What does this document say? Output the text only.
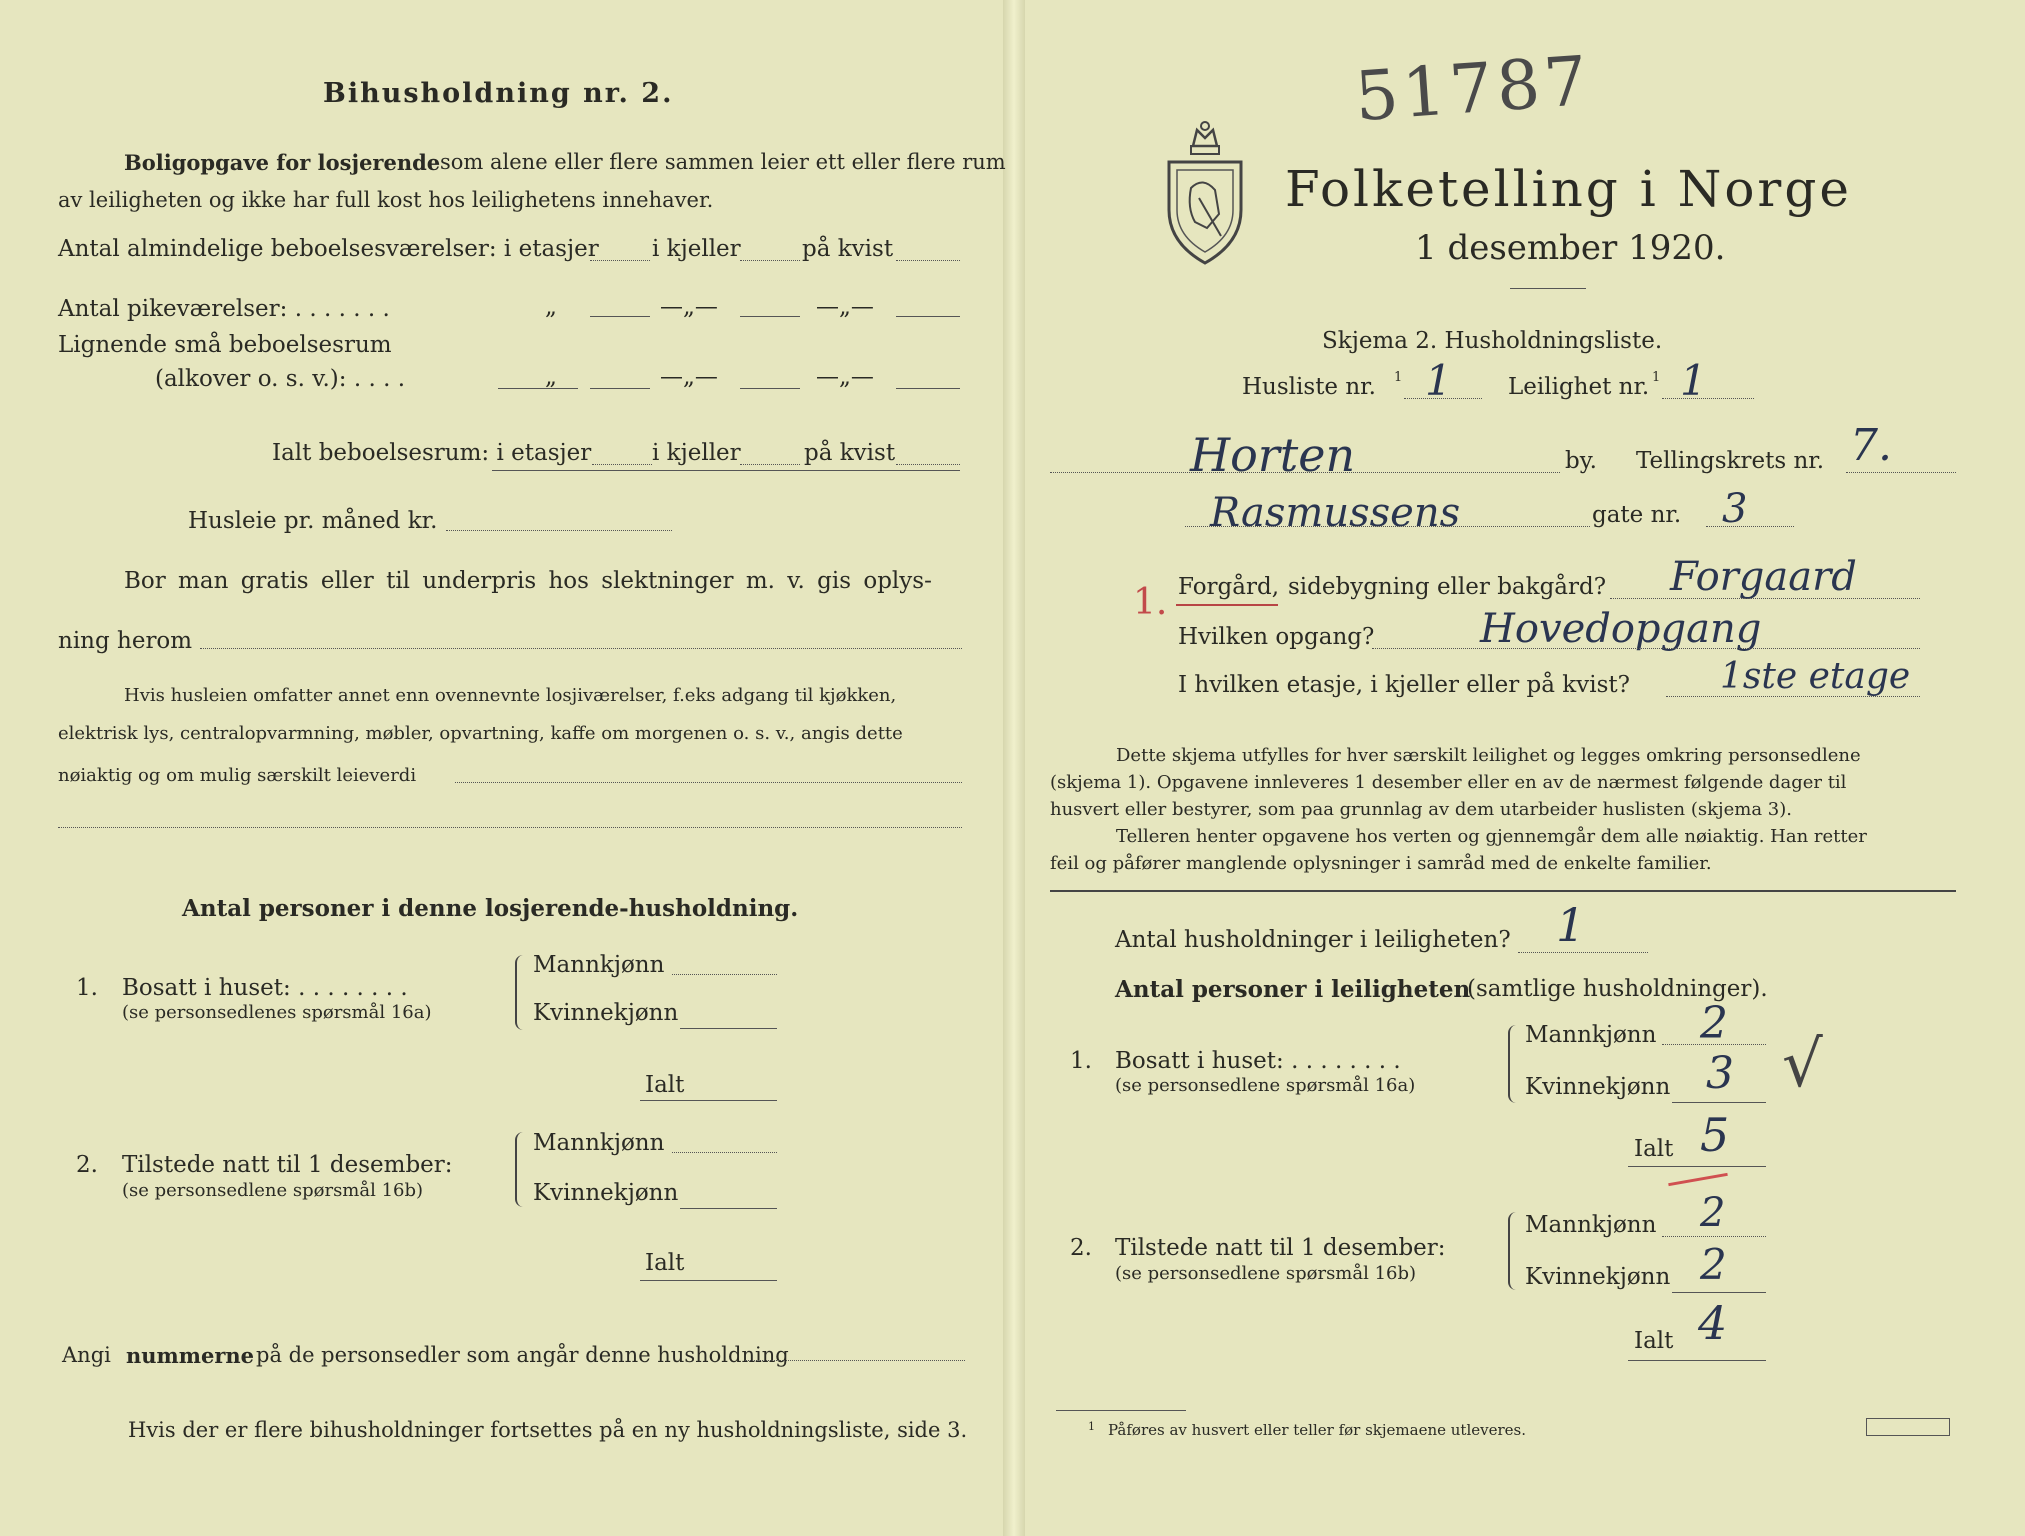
Bihusholdning nr. 2.
Boligopgave for losjerende som alene eller flere sammen leier ett eller flere rum
av leiligheten og ikke har full kost hos leilighetens innehaver.
Antal almindelige beboelsesværelser: i etasjer i kjeller	på kvist
Antal pikeværelser: . . . . . . .	„	—„—	—„—
Lignende små beboelsesrum
(alkover o. s. v.): . . . .	„	—„—	—„—
Ialt beboelsesrum: i etasjer	i kjeller	på kvist
Husleie pr. måned kr.
Bor man gratis eller til underpris hos slektninger m. v. gis oplys-
ning herom
Hvis husleien omfatter annet enn ovennevnte losjiværelser, f.eks adgang til kjøkken,
elektrisk lys, centralopvarmning, møbler, opvartning, kaffe om morgenen o. s. v., angis dette
nøiaktig og om mulig særskilt leieverdi
Antal personer i denne losjerende-husholdning.
1. Bosatt i huset: . . . . . . . .
(se personsedlenes spørsmål 16a)
Mannkjønn
Kvinnekjønn
Ialt
2. Tilstede natt til 1 desember:
(se personsedlene spørsmål 16b)
Mannkjønn
Kvinnekjønn
Ialt
Angi nummerne på de personsedler som angår denne husholdning
Hvis der er flere bihusholdninger fortsettes på en ny husholdningsliste, side 3.
51787
Folketelling i Norge
1 desember 1920.
Skjema 2. Husholdningsliste.
Husliste nr. 1 1 Leilighet nr. 1 1
Horten	by. Tellingskrets nr. 7.
Rasmussens	gate nr. 3
1. Forgård, sidebygning eller bakgård? Forgaard
Hvilken opgang?	Hovedopgang
I hvilken etasje, i kjeller eller på kvist?	1ste etage
Dette skjema utfylles for hver særskilt leilighet og legges omkring personsedlene
(skjema 1). Opgavene innleveres 1 desember eller en av de nærmest følgende dager til
husvert eller bestyrer, som paa grunnlag av dem utarbeider huslisten (skjema 3).
Telleren henter opgavene hos verten og gjennemgår dem alle nøiaktig. Han retter
feil og påfører manglende oplysninger i samråd med de enkelte familier.
Antal husholdninger i leiligheten? 1
Antal personer i leiligheten
(samtlige husholdninger).
1. Bosatt i huset: . . . . . . . .
(se personsedlene spørsmål 16a)
Mannkjønn 2
Kvinnekjønn 3 √
Ialt 5
2. Tilstede natt til 1 desember:
(se personsedlene spørsmål 16b)
Mannkjønn 2
Kvinnekjønn 2
Ialt 4
1 Påføres av husvert eller teller før skjemaene utleveres.
